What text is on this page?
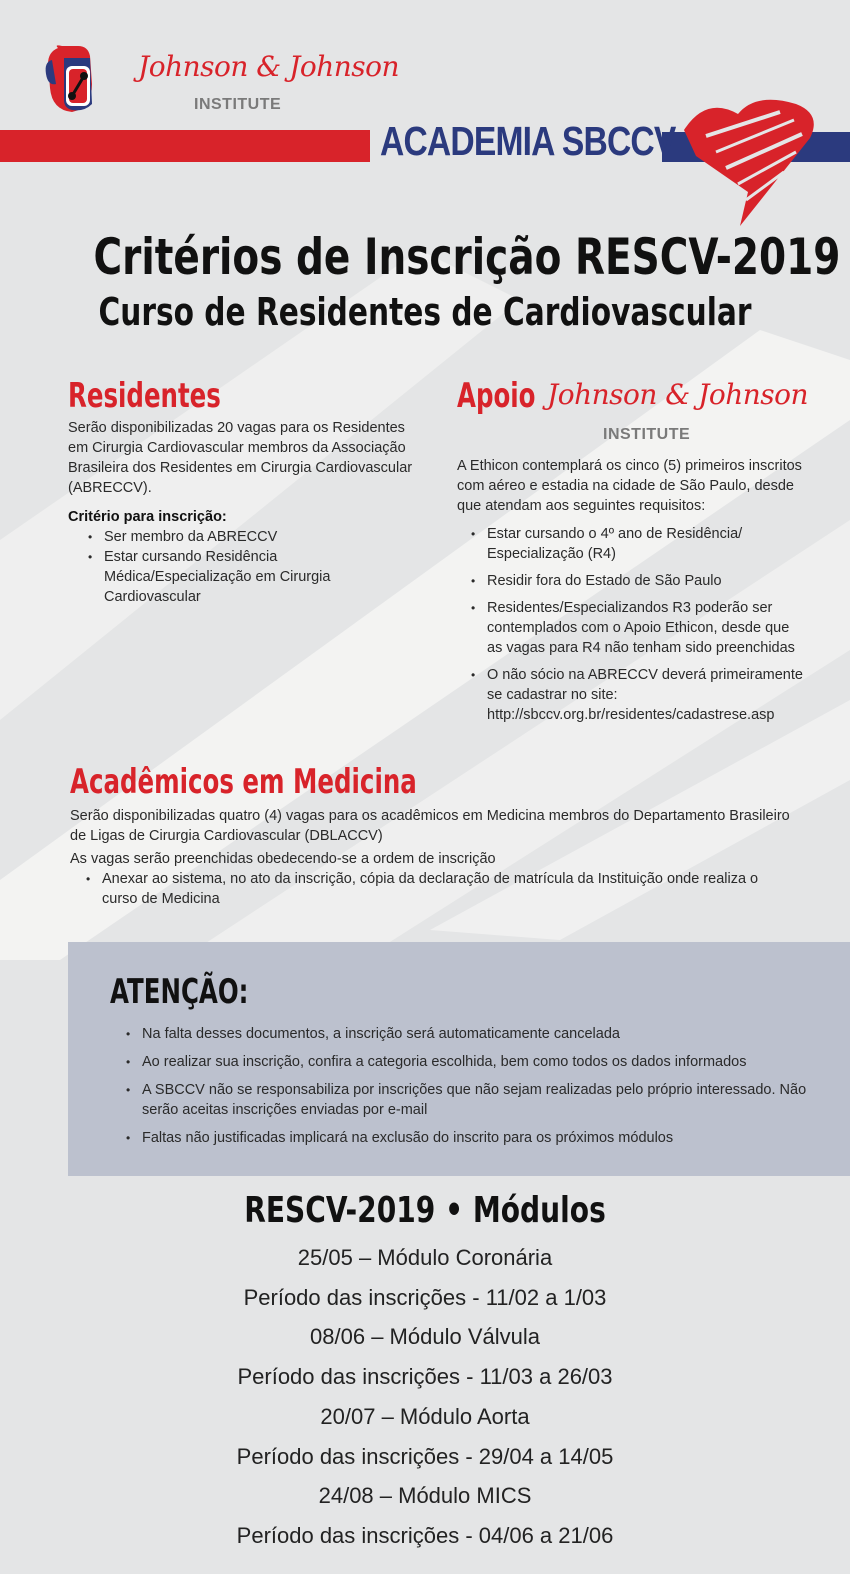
Johnson & Johnson
INSTITUTE
ACADEMIA SBCCV
Critérios de Inscrição RESCV-2019
Curso de Residentes de Cardiovascular
Residentes

Serão disponibilizadas 20 vagas para os Residentes em Cirurgia Cardiovascular membros da Associação Brasileira dos Residentes em Cirurgia Cardiovascular (ABRECCV).

Critério para inscrição:
• Ser membro da ABRECCV
• Estar cursando Residência Médica/Especialização em Cirurgia Cardiovascular
Apoio Johnson & Johnson
INSTITUTE

A Ethicon contemplará os cinco (5) primeiros inscritos com aéreo e estadia na cidade de São Paulo, desde que atendam aos seguintes requisitos:

• Estar cursando o 4º ano de Residência/ Especialização (R4)
• Residir fora do Estado de São Paulo
• Residentes/Especializandos R3 poderão ser contemplados com o Apoio Ethicon, desde que as vagas para R4 não tenham sido preenchidas
• O não sócio na ABRECCV deverá primeiramente se cadastrar no site: http://sbccv.org.br/residentes/cadastrese.asp
Acadêmicos em Medicina

Serão disponibilizadas quatro (4) vagas para os acadêmicos em Medicina membros do Departamento Brasileiro de Ligas de Cirurgia Cardiovascular (DBLACCV)

As vagas serão preenchidas obedecendo-se a ordem de inscrição

• Anexar ao sistema, no ato da inscrição, cópia da declaração de matrícula da Instituição onde realiza o curso de Medicina
ATENÇÃO:
• Na falta desses documentos, a inscrição será automaticamente cancelada
• Ao realizar sua inscrição, confira a categoria escolhida, bem como todos os dados informados
• A SBCCV não se responsabiliza por inscrições que não sejam realizadas pelo próprio interessado. Não serão aceitas inscrições enviadas por e-mail
• Faltas não justificadas implicará na exclusão do inscrito para os próximos módulos
RESCV-2019 • Módulos
25/05 – Módulo Coronária
Período das inscrições - 11/02 a 1/03
08/06 – Módulo Válvula
Período das inscrições - 11/03 a 26/03
20/07 – Módulo Aorta
Período das inscrições - 29/04 a 14/05
24/08 – Módulo MICS
Período das inscrições - 04/06 a 21/06
